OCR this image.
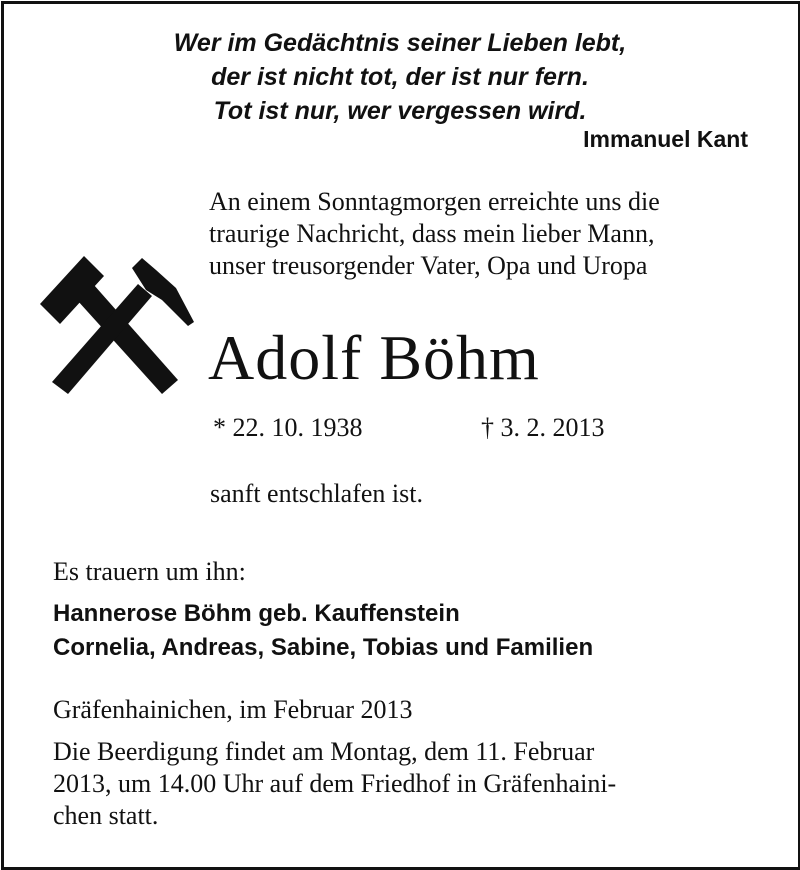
Wer im Gedächtnis seiner Lieben lebt,
der ist nicht tot, der ist nur fern.
Tot ist nur, wer vergessen wird.
Immanuel Kant
An einem Sonntagmorgen erreichte uns die
traurige Nachricht, dass mein lieber Mann,
unser treusorgender Vater, Opa und Uropa
Adolf Böhm
* 22. 10. 1938	† 3. 2. 2013
sanft entschlafen ist.
Es trauern um ihn:
Hannerose Böhm geb. Kauffenstein
Cornelia, Andreas, Sabine, Tobias und Familien
Gräfenhainichen, im Februar 2013
Die Beerdigung findet am Montag, dem 11. Februar
2013, um 14.00 Uhr auf dem Friedhof in Gräfenhaini-
chen statt.
